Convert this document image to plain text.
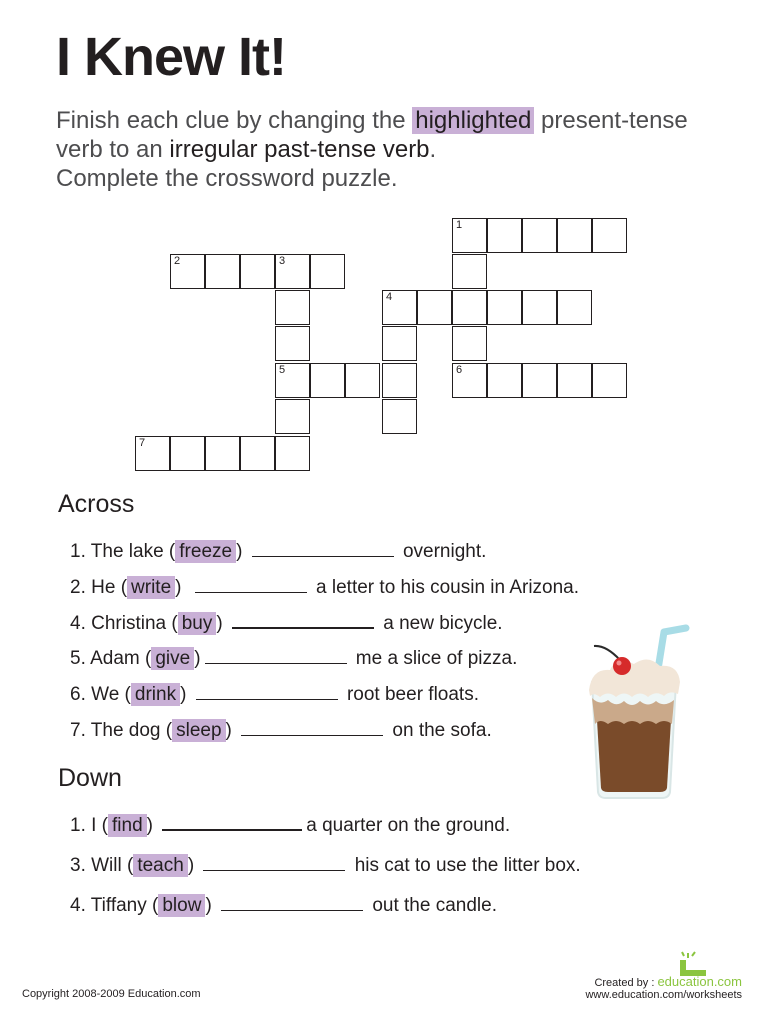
I Knew It!
Finish each clue by changing the highlighted present-tense
verb to an irregular past-tense verb.
Complete the crossword puzzle.
1
2	3
4
5	6
7
Across
1. The lake ( freeze )	overnight.
2. He ( write )	a letter to his cousin in Arizona.
4. Christina ( buy )	a new bicycle.
5. Adam ( give )	me a slice of pizza.
6. We ( drink )	root beer floats.
7. The dog ( sleep )	on the sofa.
Down
1. I ( find )	a quarter on the ground.
3. Will ( teach )	his cat to use the litter box.
4. Tiffany ( blow )	out the candle.
Copyright 2008-2009 Education.com
Created by : education.com
www.education.com/worksheets
